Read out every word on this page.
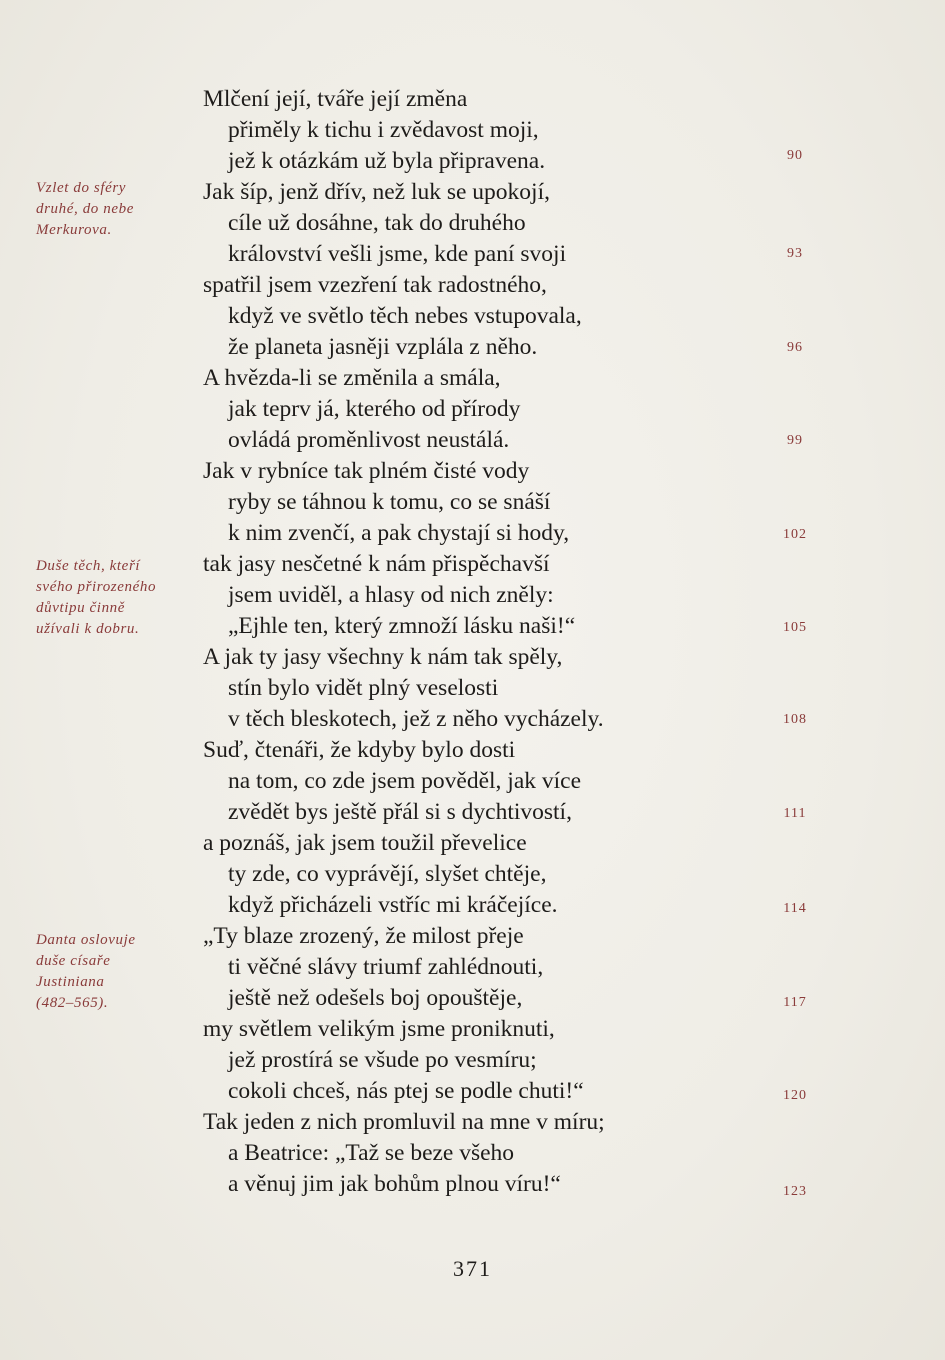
Vzlet do sféry
druhé, do nebe
Merkurova.
Duše těch, kteří
svého přirozeného
důvtipu činně
užívali k dobru.
Danta oslovuje
duše císaře
Justiniana
(482–565).
Mlčení její, tváře její změna
přiměly k tichu i zvědavost moji,
jež k otázkám už byla připravena.
Jak šíp, jenž dřív, než luk se upokojí,
cíle už dosáhne, tak do druhého
království vešli jsme, kde paní svoji
spatřil jsem vzezření tak radostného,
když ve světlo těch nebes vstupovala,
že planeta jasněji vzplála z něho.
A hvězda-li se změnila a smála,
jak teprv já, kterého od přírody
ovládá proměnlivost neustálá.
Jak v rybníce tak plném čisté vody
ryby se táhnou k tomu, co se snáší
k nim zvenčí, a pak chystají si hody,
tak jasy nesčetné k nám přispěchavší
jsem uviděl, a hlasy od nich zněly:
„Ejhle ten, který zmnoží lásku naši!“
A jak ty jasy všechny k nám tak spěly,
stín bylo vidět plný veselosti
v těch bleskotech, jež z něho vycházely.
Suď, čtenáři, že kdyby bylo dosti
na tom, co zde jsem pověděl, jak více
zvědět bys ještě přál si s dychtivostí,
a poznáš, jak jsem toužil převelice
ty zde, co vyprávějí, slyšet chtěje,
když přicházeli vstříc mi kráčejíce.
„Ty blaze zrozený, že milost přeje
ti věčné slávy triumf zahlédnouti,
ještě než odešels boj opouštěje,
my světlem velikým jsme proniknuti,
jež prostírá se všude po vesmíru;
cokoli chceš, nás ptej se podle chuti!“
Tak jeden z nich promluvil na mne v míru;
a Beatrice: „Taž se beze všeho
a věnuj jim jak bohům plnou víru!“
90
93
96
99
102
105
108
111
114
117
120
123
371
